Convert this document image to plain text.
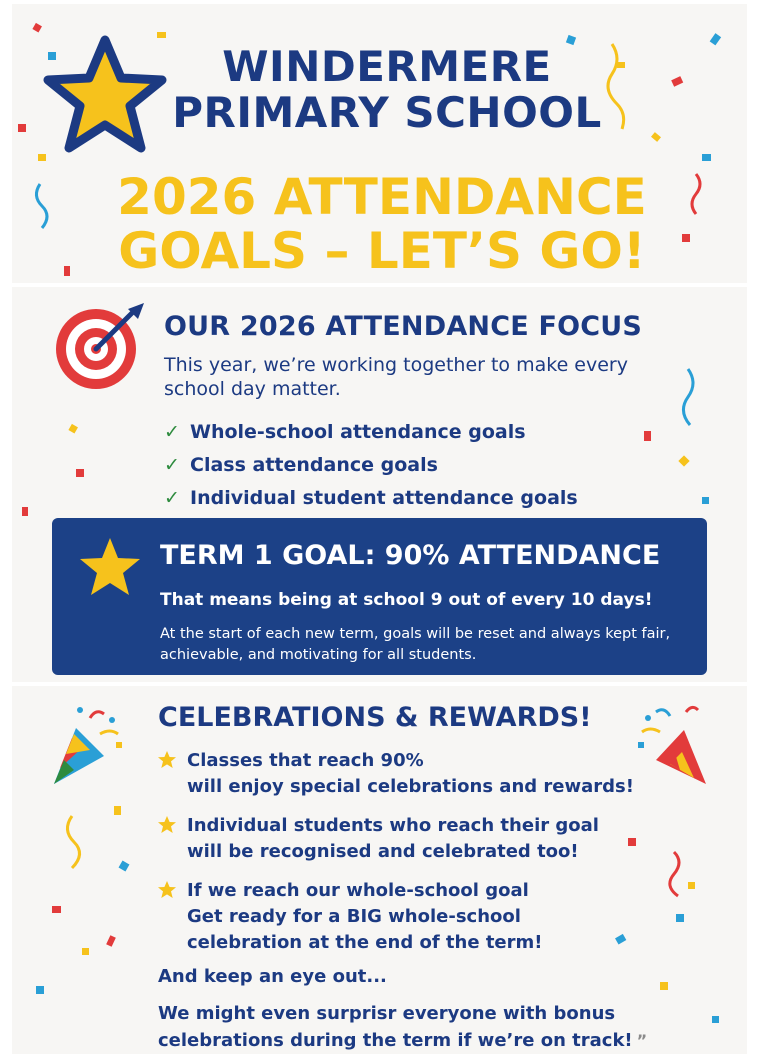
WINDERMERE
PRIMARY SCHOOL
2026 ATTENDANCE
GOALS – LET’S GO!
OUR 2026 ATTENDANCE FOCUS
This year, we’re working together to make every school day matter.
✓ Whole-school attendance goals
✓ Class attendance goals
✓ Individual student attendance goals
TERM 1 GOAL: 90% ATTENDANCE
That means being at school 9 out of every 10 days!
At the start of each new term, goals will be reset and always kept fair, achievable, and motivating for all students.
CELEBRATIONS & REWARDS!
Classes that reach 90%
will enjoy special celebrations and rewards!
Individual students who reach their goal
will be recognised and celebrated too!
If we reach our whole-school goal
Get ready for a BIG whole-school
celebration at the end of the term!
And keep an eye out...
We might even surprisr everyone with bonus celebrations during the term if we’re on track! ”
